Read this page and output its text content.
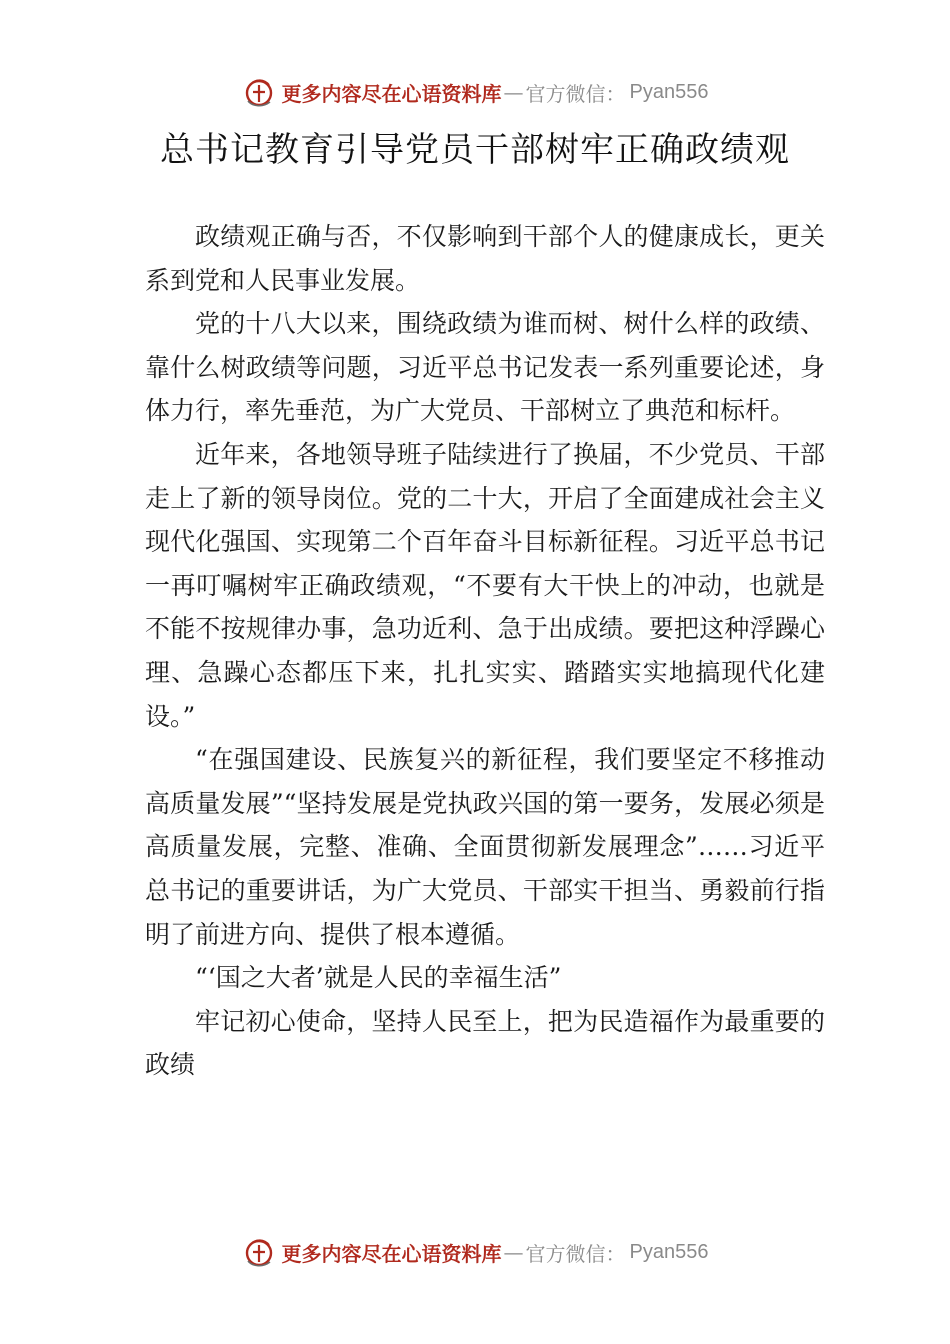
更多内容尽在心语资料库 — 官方微信： Pyan556
总书记教育引导党员干部树牢正确政绩观

政绩观正确与否，不仅影响到干部个人的健康成长，更关系到党和人民事业发展。

党的十八大以来，围绕政绩为谁而树、树什么样的政绩、靠什么树政绩等问题，习近平总书记发表一系列重要论述，身体力行，率先垂范，为广大党员、干部树立了典范和标杆。

近年来，各地领导班子陆续进行了换届，不少党员、干部走上了新的领导岗位。党的二十大，开启了全面建成社会主义现代化强国、实现第二个百年奋斗目标新征程。习近平总书记一再叮嘱树牢正确政绩观，“不要有大干快上的冲动，也就是不能不按规律办事，急功近利、急于出成绩。要把这种浮躁心理、急躁心态都压下来，扎扎实实、踏踏实实地搞现代化建设。”

“在强国建设、民族复兴的新征程，我们要坚定不移推动高质量发展”“坚持发展是党执政兴国的第一要务，发展必须是高质量发展，完整、准确、全面贯彻新发展理念”……习近平总书记的重要讲话，为广大党员、干部实干担当、勇毅前行指明了前进方向、提供了根本遵循。

“‘国之大者’就是人民的幸福生活”

牢记初心使命，坚持人民至上，把为民造福作为最重要的政绩

更多内容尽在心语资料库 — 官方微信： Pyan556
